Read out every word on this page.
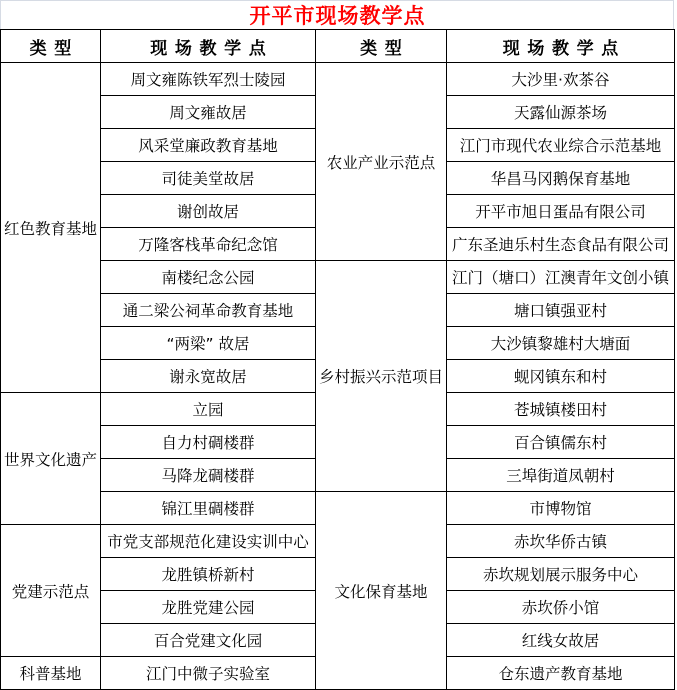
开平市现场教学点
类型	现场教学点	类型	现场教学点
红色教育基地	周文雍陈铁军烈士陵园	农业产业示范点	大沙里·欢茶谷
	周文雍故居		天露仙源茶场
	风采堂廉政教育基地		江门市现代农业综合示范基地
	司徒美堂故居		华昌马冈鹅保育基地
	谢创故居		开平市旭日蛋品有限公司
	万隆客栈革命纪念馆		广东圣迪乐村生态食品有限公司
	南楼纪念公园	乡村振兴示范项目	江门（塘口）江澳青年文创小镇
	通二梁公祠革命教育基地		塘口镇强亚村
	“两梁” 故居		大沙镇黎雄村大塘面
	谢永宽故居		蚬冈镇东和村
世界文化遗产	立园		苍城镇楼田村
	自力村碉楼群		百合镇儒东村
	马降龙碉楼群		三埠街道凤朝村
	锦江里碉楼群	文化保育基地	市博物馆
党建示范点	市党支部规范化建设实训中心		赤坎华侨古镇
	龙胜镇桥新村		赤坎规划展示服务中心
	龙胜党建公园		赤坎侨小馆
	百合党建文化园		红线女故居
科普基地	江门中微子实验室		仓东遗产教育基地
